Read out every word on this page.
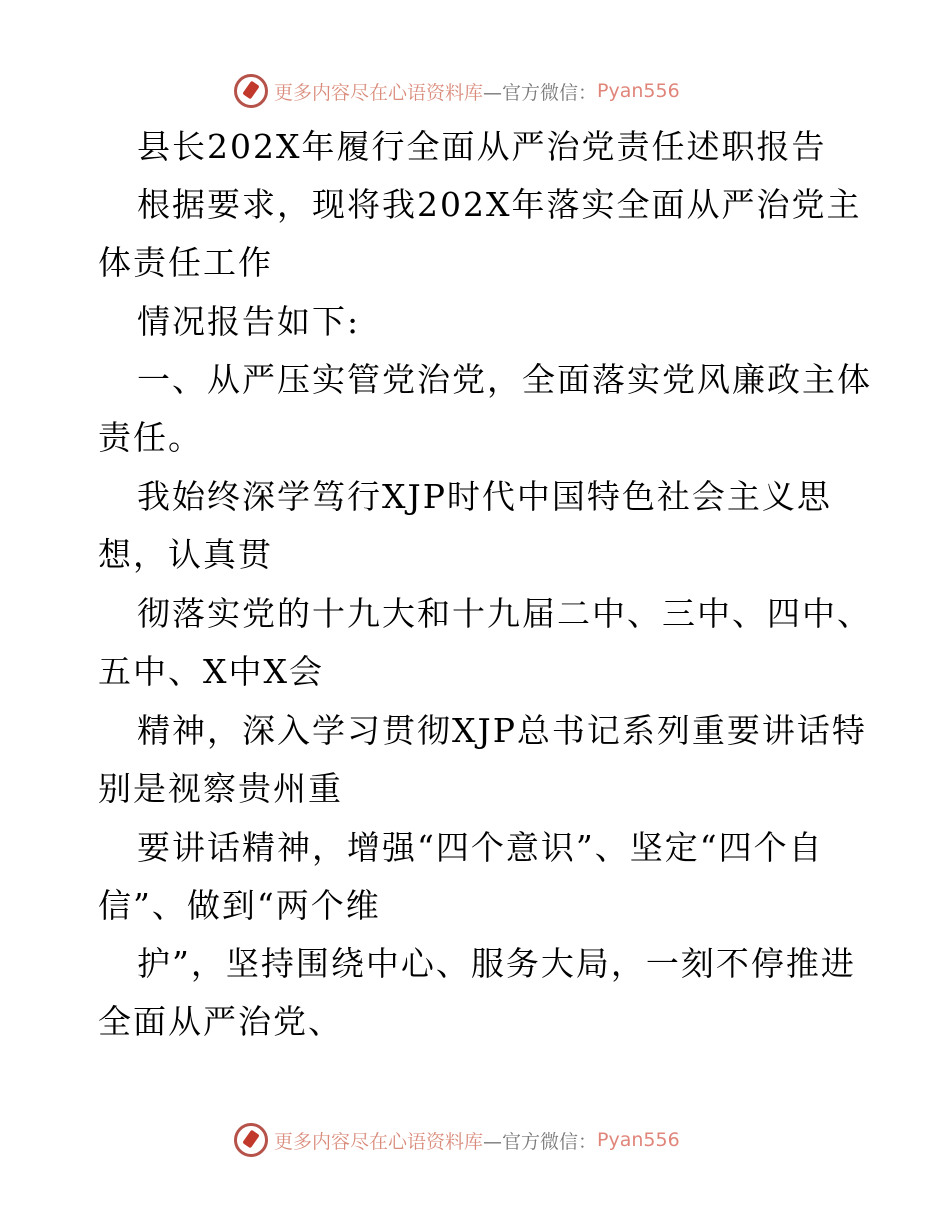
更多内容尽在心语资料库 —官方微信： Pyan556
县长202X年履行全面从严治党责任述职报告
根据要求，现将我202X年落实全面从严治党主
体责任工作
情况报告如下:
一、从严压实管党治党，全面落实党风廉政主体
责任。
我始终深学笃行XJP时代中国特色社会主义思
想，认真贯
彻落实党的十九大和十九届二中、三中、四中、
五中、X中X会
精神，深入学习贯彻XJP总书记系列重要讲话特
别是视察贵州重
要讲话精神，增强“四个意识”、坚定“四个自
信”、做到“两个维
护”，坚持围绕中心、服务大局，一刻不停推进
全面从严治党、
更多内容尽在心语资料库 —官方微信： Pyan556
